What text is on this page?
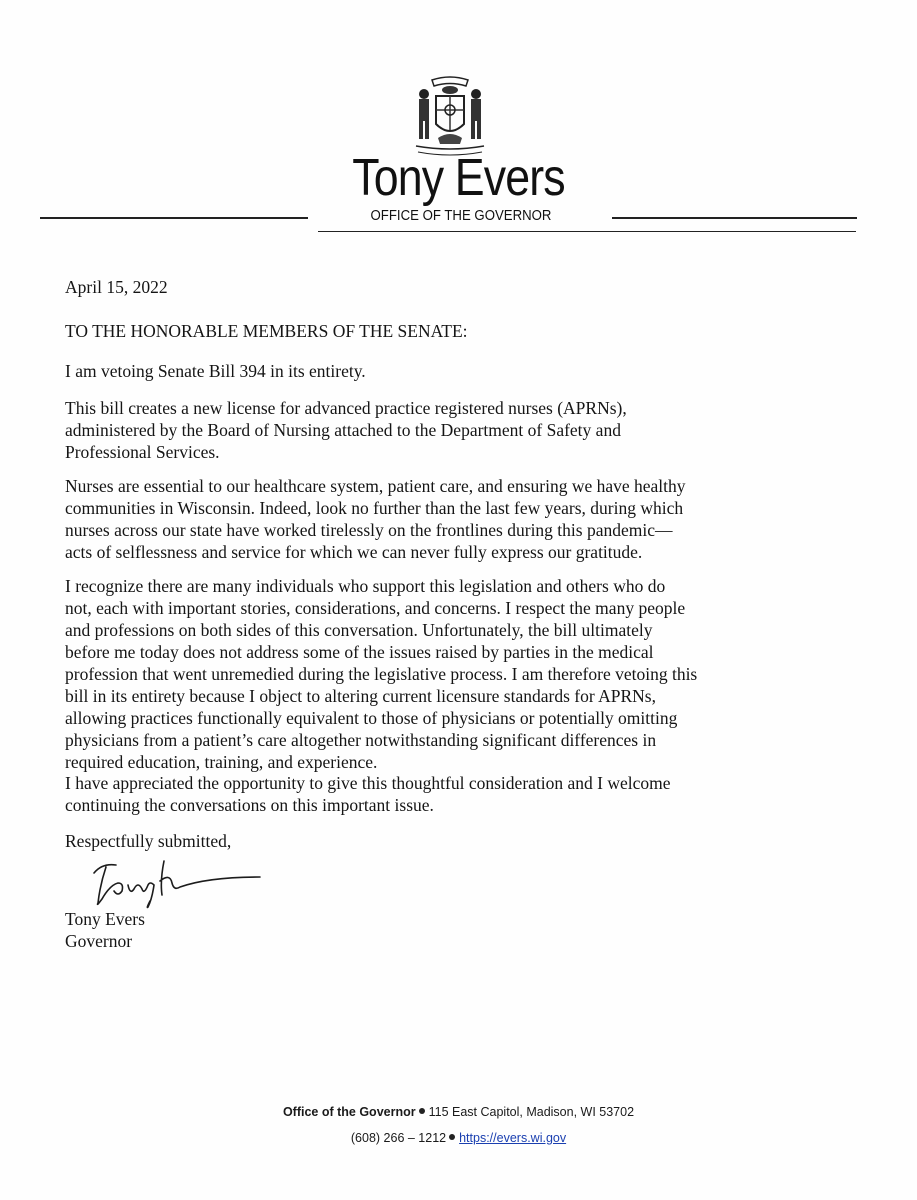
Tony Evers
OFFICE OF THE GOVERNOR
April 15, 2022
TO THE HONORABLE MEMBERS OF THE SENATE:

I am vetoing Senate Bill 394 in its entirety.

This bill creates a new license for advanced practice registered nurses (APRNs),

administered by the Board of Nursing attached to the Department of Safety and

Professional Services.

Nurses are essential to our healthcare system, patient care, and ensuring we have healthy

communities in Wisconsin. Indeed, look no further than the last few years, during which

nurses across our state have worked tirelessly on the frontlines during this pandemic—

acts of selflessness and service for which we can never fully express our gratitude.

I recognize there are many individuals who support this legislation and others who do

not, each with important stories, considerations, and concerns. I respect the many people

and professions on both sides of this conversation. Unfortunately, the bill ultimately

before me today does not address some of the issues raised by parties in the medical

profession that went unremedied during the legislative process. I am therefore vetoing this

bill in its entirety because I object to altering current licensure standards for APRNs,

allowing practices functionally equivalent to those of physicians or potentially omitting

physicians from a patient’s care altogether notwithstanding significant differences in

required education, training, and experience.

I have appreciated the opportunity to give this thoughtful consideration and I welcome

continuing the conversations on this important issue.

Respectfully submitted,
Tony Evers
Governor
Office of the Governor 115 East Capitol, Madison, WI 53702
(608) 266 – 1212 https://evers.wi.gov
